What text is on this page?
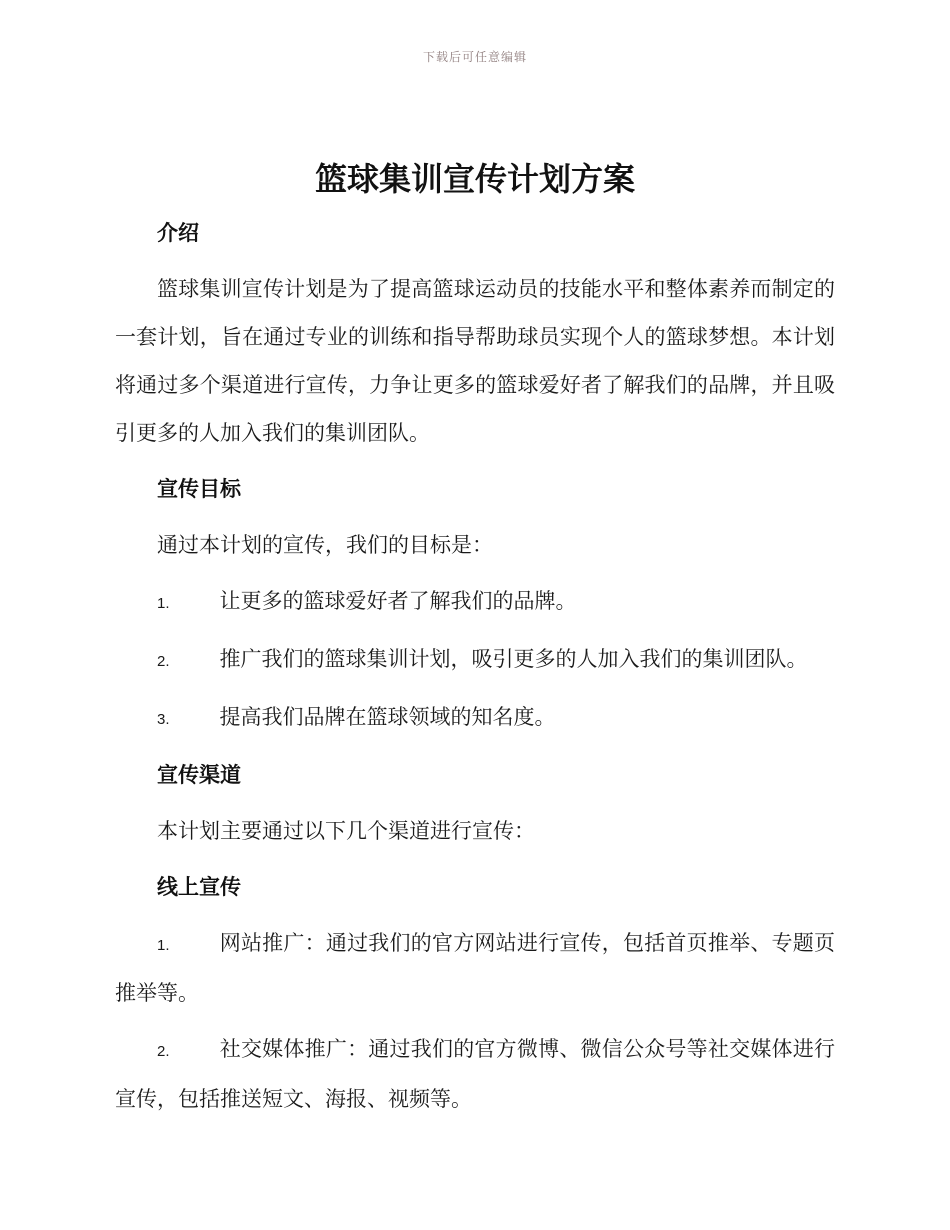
下载后可任意编辑
篮球集训宣传计划方案
介绍

篮球集训宣传计划是为了提高篮球运动员的技能水平和整体素养而制定的一套计划，旨在通过专业的训练和指导帮助球员实现个人的篮球梦想。本计划将通过多个渠道进行宣传，力争让更多的篮球爱好者了解我们的品牌，并且吸引更多的人加入我们的集训团队。

宣传目标

通过本计划的宣传，我们的目标是：

1. 让更多的篮球爱好者了解我们的品牌。

2. 推广我们的篮球集训计划，吸引更多的人加入我们的集训团队。

3. 提高我们品牌在篮球领域的知名度。

宣传渠道

本计划主要通过以下几个渠道进行宣传：

线上宣传

1. 网站推广：通过我们的官方网站进行宣传，包括首页推举、专题页推举等。

2. 社交媒体推广：通过我们的官方微博、微信公众号等社交媒体进行宣传，包括推送短文、海报、视频等。
